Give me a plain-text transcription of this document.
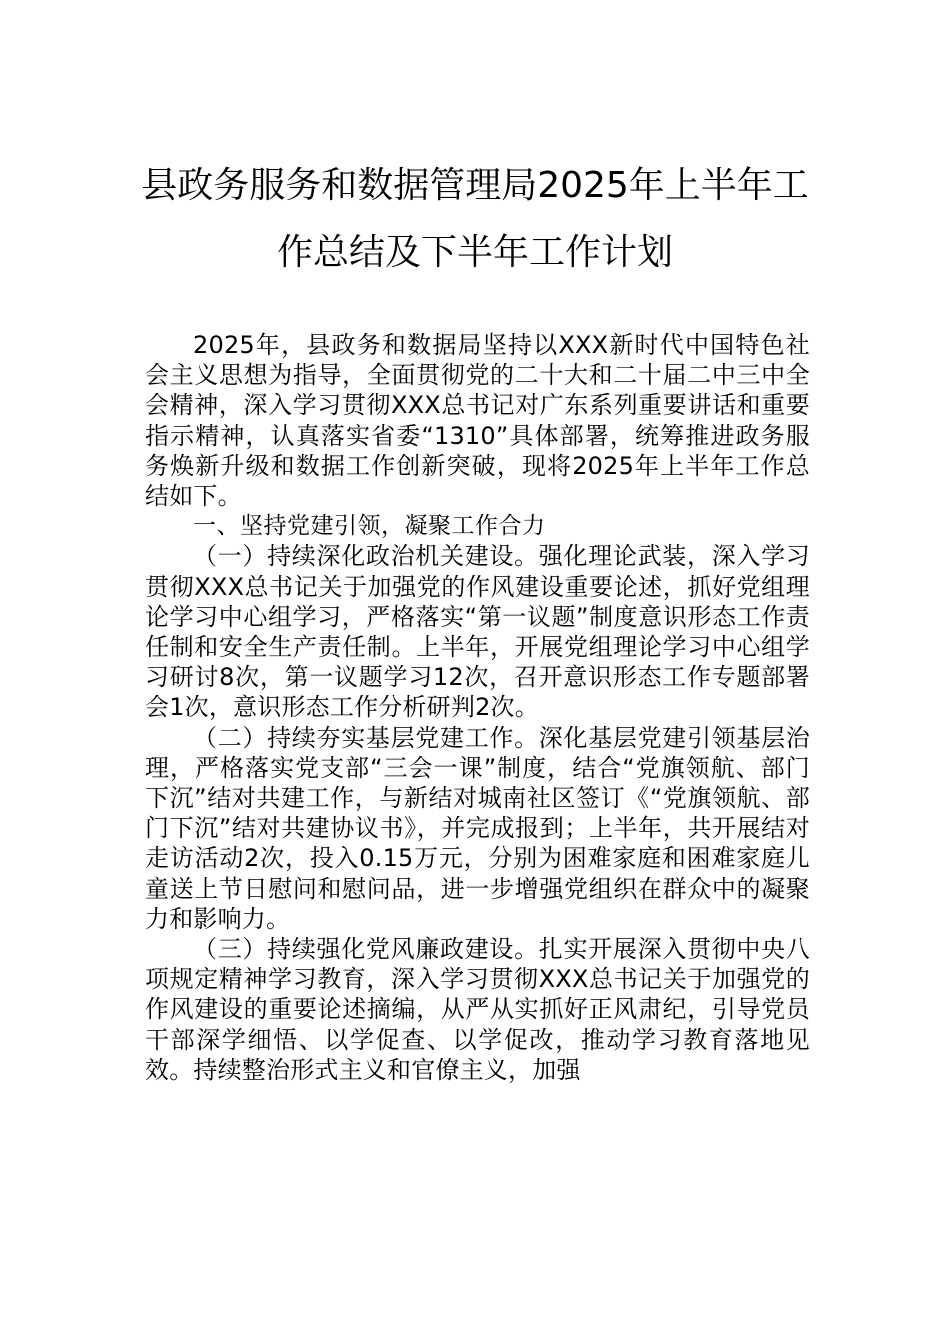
县政务服务和数据管理局2025年上半年工
作总结及下半年工作计划

2025年，县政务和数据局坚持以XXX新时代中国特色社会主义思想为指导，全面贯彻党的二十大和二十届二中三中全会精神，深入学习贯彻XXX总书记对广东系列重要讲话和重要指示精神，认真落实省委“1310”具体部署，统筹推进政务服务焕新升级和数据工作创新突破，现将2025年上半年工作总结如下。

一、坚持党建引领，凝聚工作合力

（一）持续深化政治机关建设。强化理论武装，深入学习贯彻XXX总书记关于加强党的作风建设重要论述，抓好党组理论学习中心组学习，严格落实“第一议题”制度意识形态工作责任制和安全生产责任制。上半年，开展党组理论学习中心组学习研讨8次，第一议题学习12次，召开意识形态工作专题部署会1次，意识形态工作分析研判2次。

（二）持续夯实基层党建工作。深化基层党建引领基层治理，严格落实党支部“三会一课”制度，结合“党旗领航、部门下沉”结对共建工作，与新结对城南社区签订《“党旗领航、部门下沉”结对共建协议书》，并完成报到；上半年，共开展结对走访活动2次，投入0.15万元，分别为困难家庭和困难家庭儿童送上节日慰问和慰问品，进一步增强党组织在群众中的凝聚力和影响力。

（三）持续强化党风廉政建设。扎实开展深入贯彻中央八项规定精神学习教育，深入学习贯彻XXX总书记关于加强党的作风建设的重要论述摘编，从严从实抓好正风肃纪，引导党员干部深学细悟、以学促查、以学促改，推动学习教育落地见效。持续整治形式主义和官僚主义，加强
